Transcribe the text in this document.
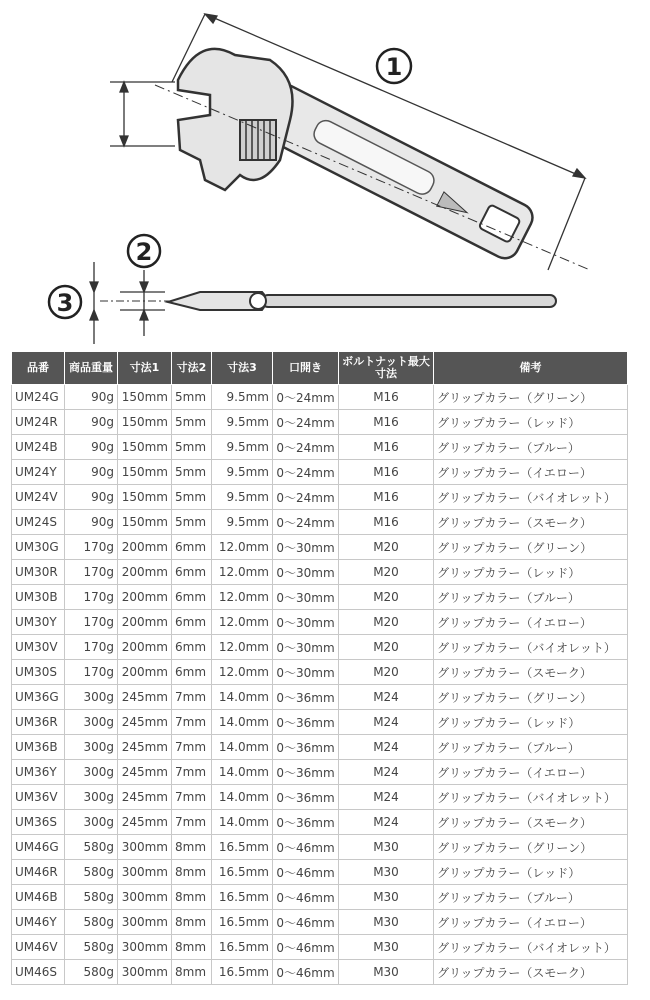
1
2
3
品番	商品重量	寸法1	寸法2	寸法3	口開き	ボルトナット最大寸法	備考
UM24G	90g	150mm	5mm	9.5mm	0〜24mm	M16	グリップカラー（グリーン）
UM24R	90g	150mm	5mm	9.5mm	0〜24mm	M16	グリップカラー（レッド）
UM24B	90g	150mm	5mm	9.5mm	0〜24mm	M16	グリップカラー（ブルー）
UM24Y	90g	150mm	5mm	9.5mm	0〜24mm	M16	グリップカラー（イエロー）
UM24V	90g	150mm	5mm	9.5mm	0〜24mm	M16	グリップカラー（バイオレット）
UM24S	90g	150mm	5mm	9.5mm	0〜24mm	M16	グリップカラー（スモーク）
UM30G	170g	200mm	6mm	12.0mm	0〜30mm	M20	グリップカラー（グリーン）
UM30R	170g	200mm	6mm	12.0mm	0〜30mm	M20	グリップカラー（レッド）
UM30B	170g	200mm	6mm	12.0mm	0〜30mm	M20	グリップカラー（ブルー）
UM30Y	170g	200mm	6mm	12.0mm	0〜30mm	M20	グリップカラー（イエロー）
UM30V	170g	200mm	6mm	12.0mm	0〜30mm	M20	グリップカラー（バイオレット）
UM30S	170g	200mm	6mm	12.0mm	0〜30mm	M20	グリップカラー（スモーク）
UM36G	300g	245mm	7mm	14.0mm	0〜36mm	M24	グリップカラー（グリーン）
UM36R	300g	245mm	7mm	14.0mm	0〜36mm	M24	グリップカラー（レッド）
UM36B	300g	245mm	7mm	14.0mm	0〜36mm	M24	グリップカラー（ブルー）
UM36Y	300g	245mm	7mm	14.0mm	0〜36mm	M24	グリップカラー（イエロー）
UM36V	300g	245mm	7mm	14.0mm	0〜36mm	M24	グリップカラー（バイオレット）
UM36S	300g	245mm	7mm	14.0mm	0〜36mm	M24	グリップカラー（スモーク）
UM46G	580g	300mm	8mm	16.5mm	0〜46mm	M30	グリップカラー（グリーン）
UM46R	580g	300mm	8mm	16.5mm	0〜46mm	M30	グリップカラー（レッド）
UM46B	580g	300mm	8mm	16.5mm	0〜46mm	M30	グリップカラー（ブルー）
UM46Y	580g	300mm	8mm	16.5mm	0〜46mm	M30	グリップカラー（イエロー）
UM46V	580g	300mm	8mm	16.5mm	0〜46mm	M30	グリップカラー（バイオレット）
UM46S	580g	300mm	8mm	16.5mm	0〜46mm	M30	グリップカラー（スモーク）
